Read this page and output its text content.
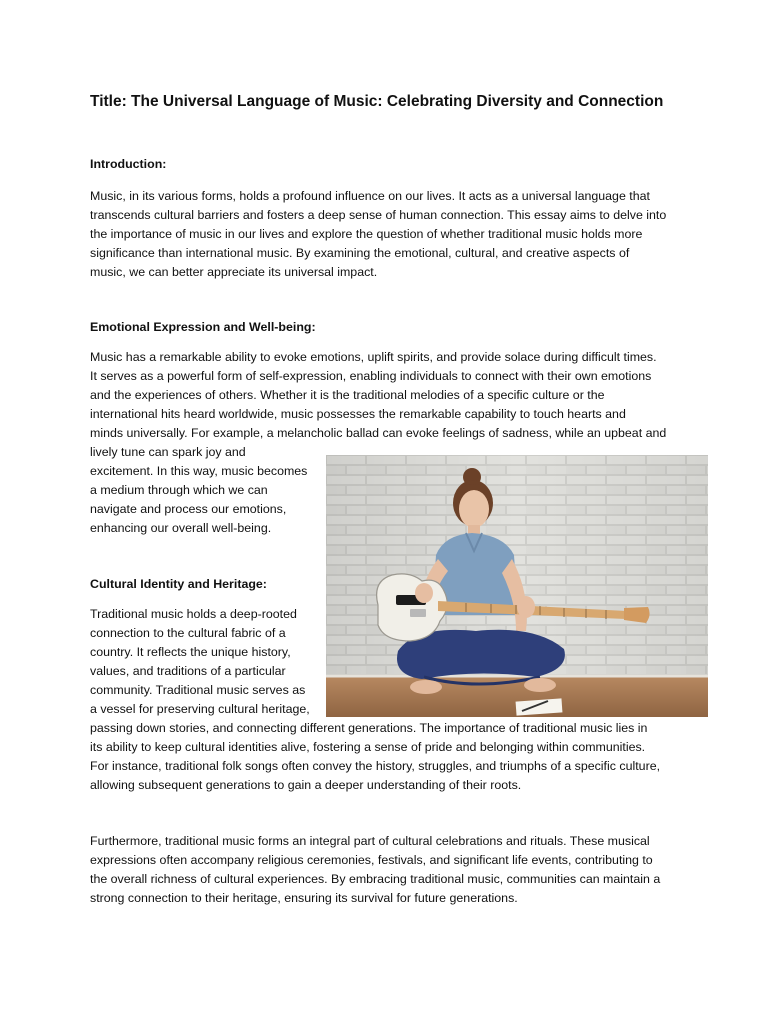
Title: The Universal Language of Music: Celebrating Diversity and Connection
Introduction:

Music, in its various forms, holds a profound influence on our lives. It acts as a universal language that
transcends cultural barriers and fosters a deep sense of human connection. This essay aims to delve into
the importance of music in our lives and explore the question of whether traditional music holds more
significance than international music. By examining the emotional, cultural, and creative aspects of
music, we can better appreciate its universal impact.

Emotional Expression and Well-being:

Music has a remarkable ability to evoke emotions, uplift spirits, and provide solace during difficult times.
It serves as a powerful form of self-expression, enabling individuals to connect with their own emotions
and the experiences of others. Whether it is the traditional melodies of a specific culture or the
international hits heard worldwide, music possesses the remarkable capability to touch hearts and
minds universally. For example, a melancholic ballad can evoke feelings of sadness, while an upbeat and
lively tune can spark joy and
excitement. In this way, music becomes
a medium through which we can
navigate and process our emotions,
enhancing our overall well-being.

Cultural Identity and Heritage:

Traditional music holds a deep-rooted
connection to the cultural fabric of a
country. It reflects the unique history,
values, and traditions of a particular
community. Traditional music serves as
a vessel for preserving cultural heritage,
passing down stories, and connecting different generations. The importance of traditional music lies in
its ability to keep cultural identities alive, fostering a sense of pride and belonging within communities.
For instance, traditional folk songs often convey the history, struggles, and triumphs of a specific culture,
allowing subsequent generations to gain a deeper understanding of their roots.

Furthermore, traditional music forms an integral part of cultural celebrations and rituals. These musical
expressions often accompany religious ceremonies, festivals, and significant life events, contributing to
the overall richness of cultural experiences. By embracing traditional music, communities can maintain a
strong connection to their heritage, ensuring its survival for future generations.
